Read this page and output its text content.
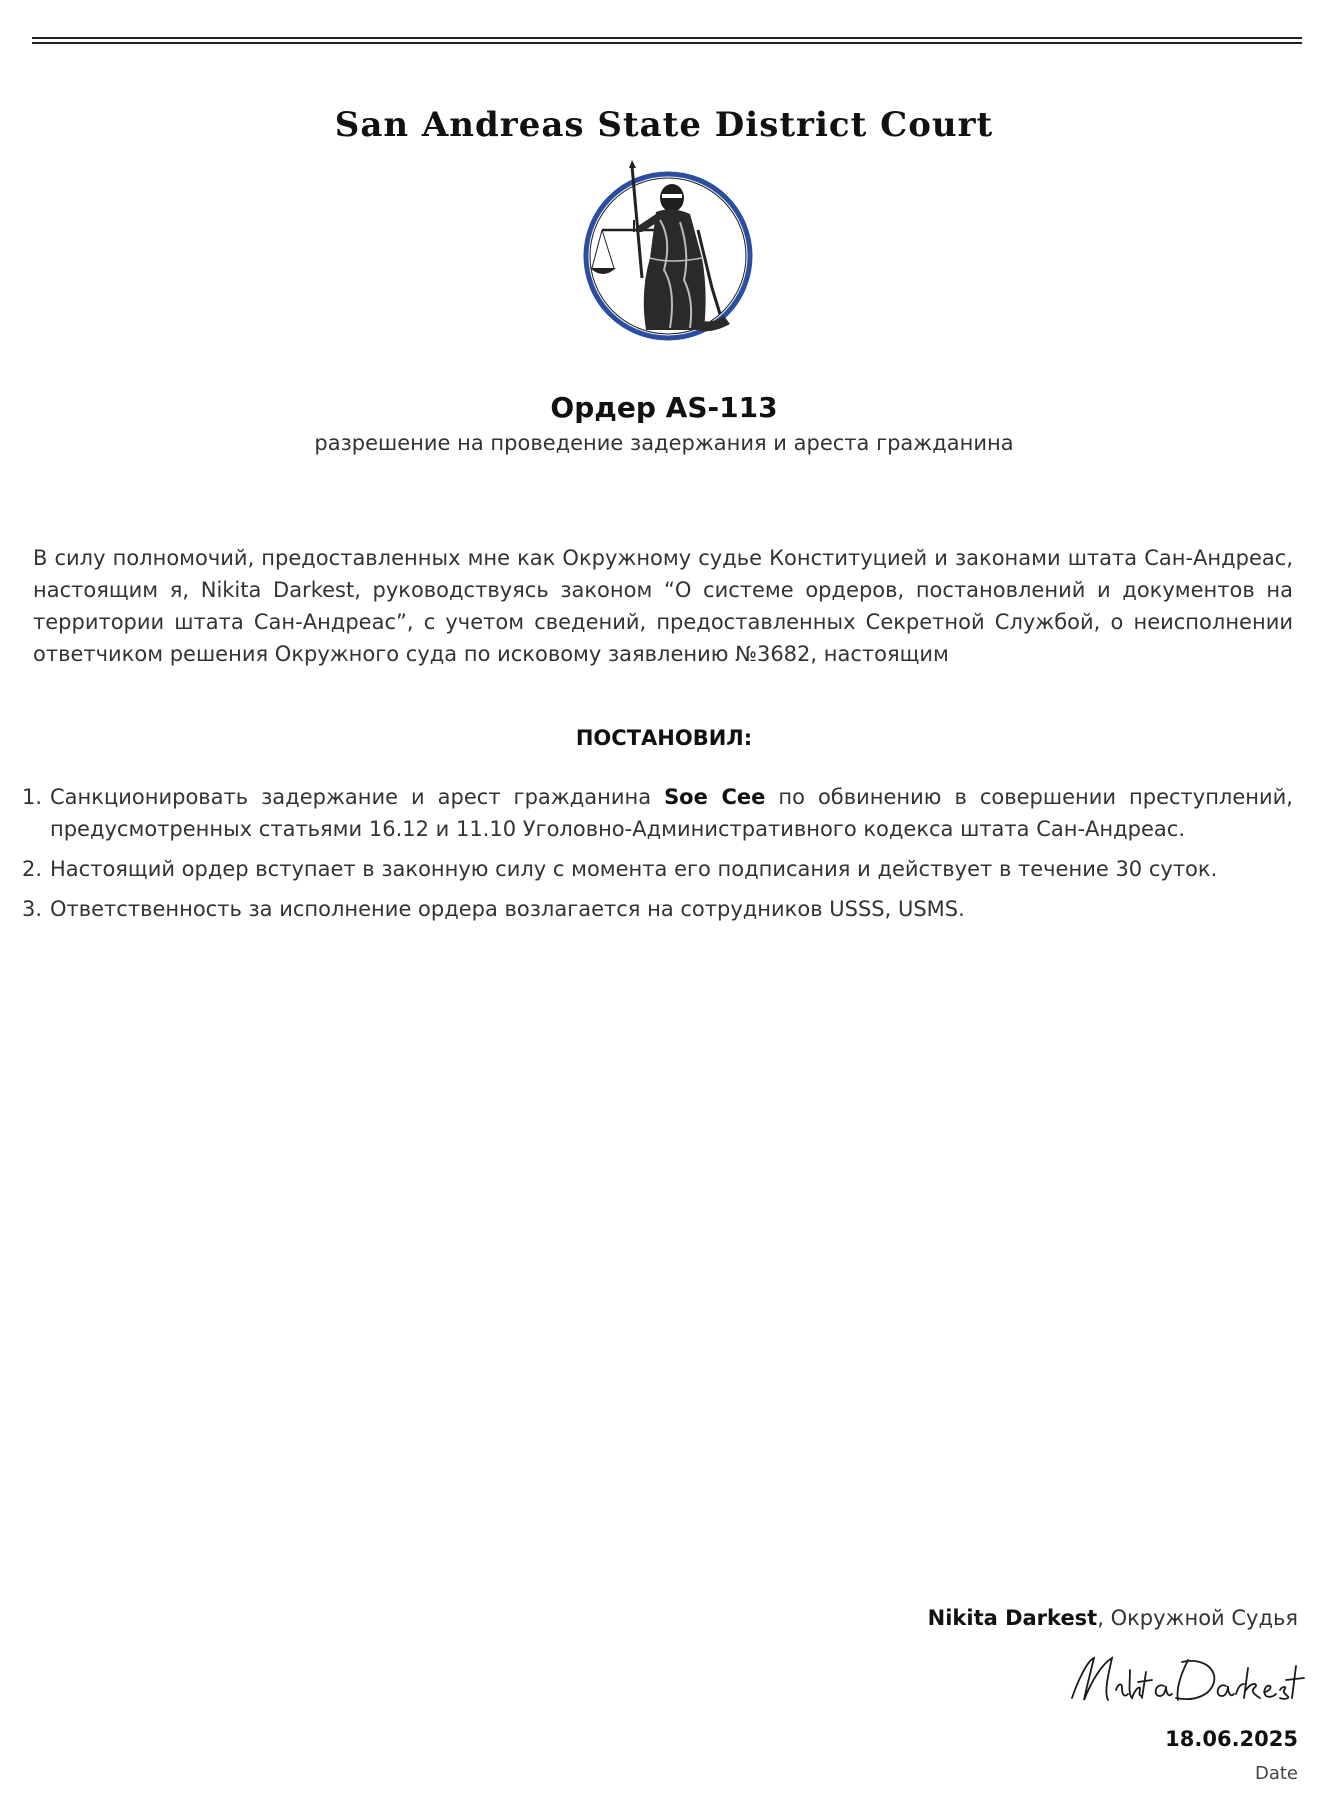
San Andreas State District Court
Ордер AS-113
разрешение на проведение задержания и ареста гражданина
В силу полномочий, предоставленных мне как Окружному судье Конституцией и законами штата Сан-Андреас, настоящим я, Nikita Darkest, руководствуясь законом “О системе ордеров, постановлений и документов на территории штата Сан-Андреас”, с учетом сведений, предоставленных Секретной Службой, о неисполнении ответчиком решения Окружного суда по исковому заявлению №3682, настоящим
ПОСТАНОВИЛ:
1. Санкционировать задержание и арест гражданина Soe Cee по обвинению в совершении преступлений, предусмотренных статьями 16.12 и 11.10 Уголовно-Административного кодекса штата Сан-Андреас.
2. Настоящий ордер вступает в законную силу с момента его подписания и действует в течение 30 суток.
3. Ответственность за исполнение ордера возлагается на сотрудников USSS, USMS.
Nikita Darkest, Окружной Судья
18.06.2025
Date
